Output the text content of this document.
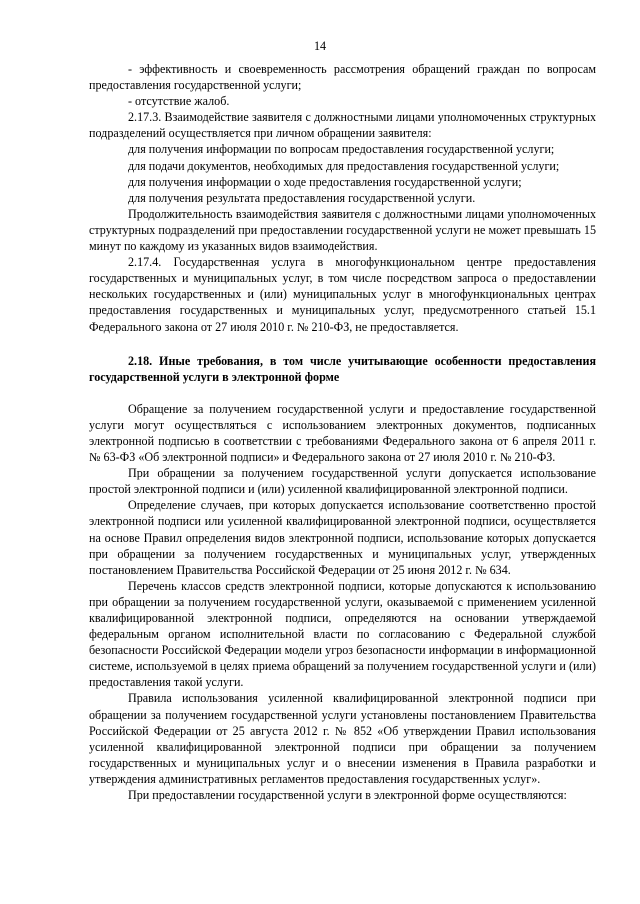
14

- эффективность и своевременность рассмотрения обращений граждан по вопросам предоставления государственной услуги;

- отсутствие жалоб.

2.17.3. Взаимодействие заявителя с должностными лицами уполномоченных структурных подразделений осуществляется при личном обращении заявителя:

для получения информации по вопросам предоставления государственной услуги;

для подачи документов, необходимых для предоставления государственной услуги;

для получения информации о ходе предоставления государственной услуги;

для получения результата предоставления государственной услуги.

Продолжительность взаимодействия заявителя с должностными лицами уполномоченных структурных подразделений при предоставлении государственной услуги не может превышать 15 минут по каждому из указанных видов взаимодействия.

2.17.4. Государственная услуга в многофункциональном центре предоставления государственных и муниципальных услуг, в том числе посредством запроса о предоставлении нескольких государственных и (или) муниципальных услуг в многофункциональных центрах предоставления государственных и муниципальных услуг, предусмотренного статьей 15.1 Федерального закона от 27 июля 2010 г. № 210-ФЗ, не предоставляется.

2.18. Иные требования, в том числе учитывающие особенности предоставления государственной услуги в электронной форме

Обращение за получением государственной услуги и предоставление государственной услуги могут осуществляться с использованием электронных документов, подписанных электронной подписью в соответствии с требованиями Федерального закона от 6 апреля 2011 г. № 63-ФЗ «Об электронной подписи» и Федерального закона от 27 июля 2010 г. № 210-ФЗ.

При обращении за получением государственной услуги допускается использование простой электронной подписи и (или) усиленной квалифицированной электронной подписи.

Определение случаев, при которых допускается использование соответственно простой электронной подписи или усиленной квалифицированной электронной подписи, осуществляется на основе Правил определения видов электронной подписи, использование которых допускается при обращении за получением государственных и муниципальных услуг, утвержденных постановлением Правительства Российской Федерации от 25 июня 2012 г. № 634.

Перечень классов средств электронной подписи, которые допускаются к использованию при обращении за получением государственной услуги, оказываемой с применением усиленной квалифицированной электронной подписи, определяются на основании утверждаемой федеральным органом исполнительной власти по согласованию с Федеральной службой безопасности Российской Федерации модели угроз безопасности информации в информационной системе, используемой в целях приема обращений за получением государственной услуги и (или) предоставления такой услуги.

Правила использования усиленной квалифицированной электронной подписи при обращении за получением государственной услуги установлены постановлением Правительства Российской Федерации от 25 августа 2012 г. № 852 «Об утверждении Правил использования усиленной квалифицированной электронной подписи при обращении за получением государственных и муниципальных услуг и о внесении изменения в Правила разработки и утверждения административных регламентов предоставления государственных услуг».

При предоставлении государственной услуги в электронной форме осуществляются:
